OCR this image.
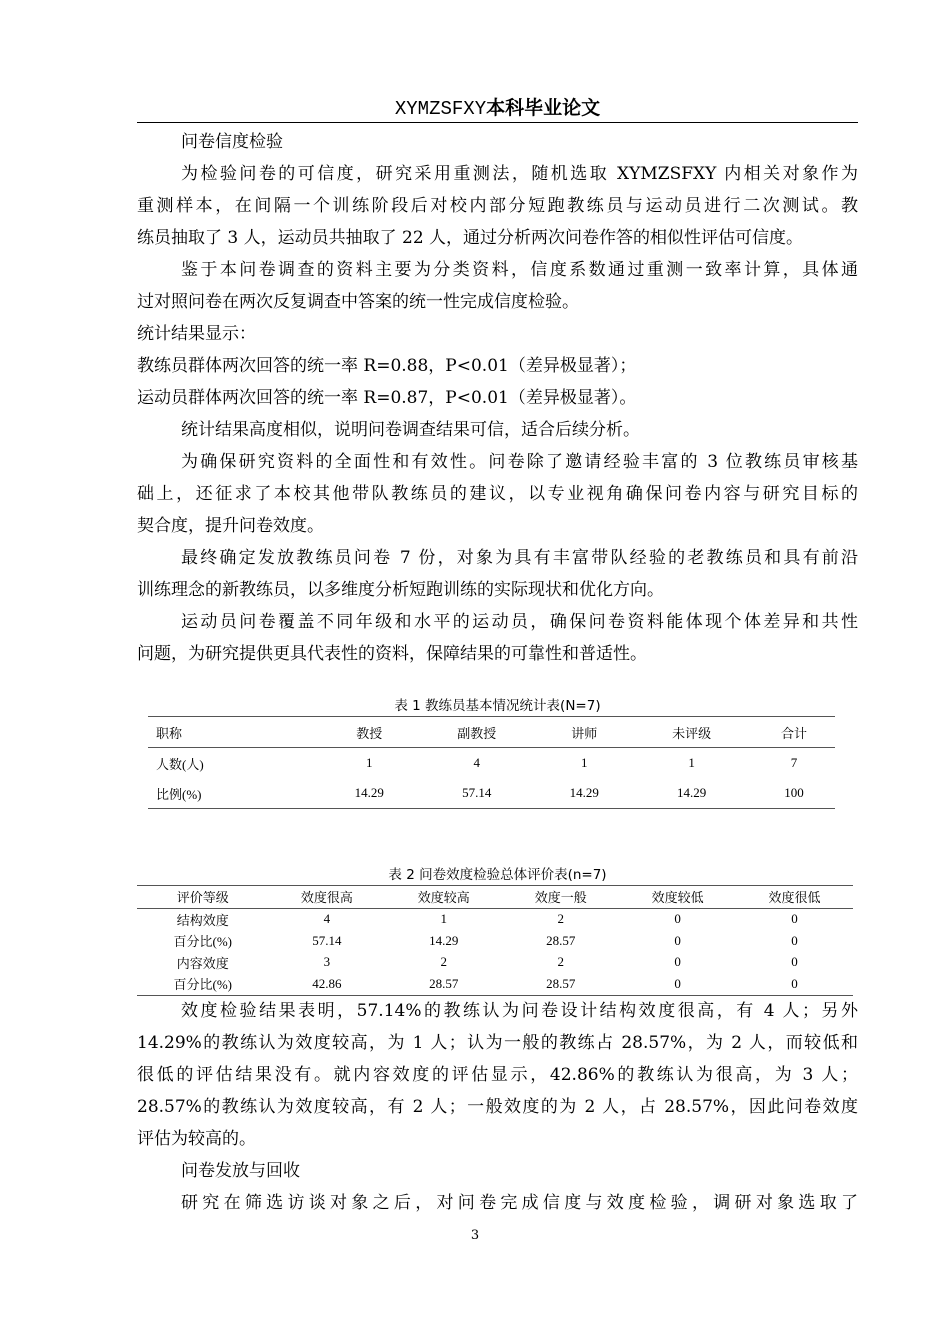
XYMZSFXY本科毕业论文
问卷信度检验
为检验问卷的可信度，研究采用重测法，随机选取 XYMZSFXY 内相关对象作为
重测样本，在间隔一个训练阶段后对校内部分短跑教练员与运动员进行二次测试。教
练员抽取了 3 人，运动员共抽取了 22 人，通过分析两次问卷作答的相似性评估可信度。
鉴于本问卷调查的资料主要为分类资料，信度系数通过重测一致率计算，具体通
过对照问卷在两次反复调查中答案的统一性完成信度检验。
统计结果显示：
教练员群体两次回答的统一率 R=0.88，P<0.01（差异极显著）；
运动员群体两次回答的统一率 R=0.87，P<0.01（差异极显著）。
统计结果高度相似，说明问卷调查结果可信，适合后续分析。
为确保研究资料的全面性和有效性。问卷除了邀请经验丰富的 3 位教练员审核基
础上，还征求了本校其他带队教练员的建议，以专业视角确保问卷内容与研究目标的
契合度，提升问卷效度。
最终确定发放教练员问卷 7 份，对象为具有丰富带队经验的老教练员和具有前沿
训练理念的新教练员，以多维度分析短跑训练的实际现状和优化方向。
运动员问卷覆盖不同年级和水平的运动员，确保问卷资料能体现个体差异和共性
问题，为研究提供更具代表性的资料，保障结果的可靠性和普适性。
表 1 教练员基本情况统计表(N=7)
职称	教授	副教授	讲师	未评级	合计
人数(人)	1	4	1	1	7
比例(%)	14.29	57.14	14.29	14.29	100
表 2 问卷效度检验总体评价表(n=7)
评价等级	效度很高	效度较高	效度一般	效度较低	效度很低
结构效度	4	1	2	0	0
百分比(%)	57.14	14.29	28.57	0	0
内容效度	3	2	2	0	0
百分比(%)	42.86	28.57	28.57	0	0
效度检验结果表明，57.14%的教练认为问卷设计结构效度很高，有 4 人；另外
14.29%的教练认为效度较高，为 1 人；认为一般的教练占 28.57%，为 2 人，而较低和
很低的评估结果没有。就内容效度的评估显示，42.86%的教练认为很高，为 3 人；
28.57%的教练认为效度较高，有 2 人；一般效度的为 2 人，占 28.57%，因此问卷效度
评估为较高的。
问卷发放与回收
研究在筛选访谈对象之后，对问卷完成信度与效度检验，调研对象选取了
3
